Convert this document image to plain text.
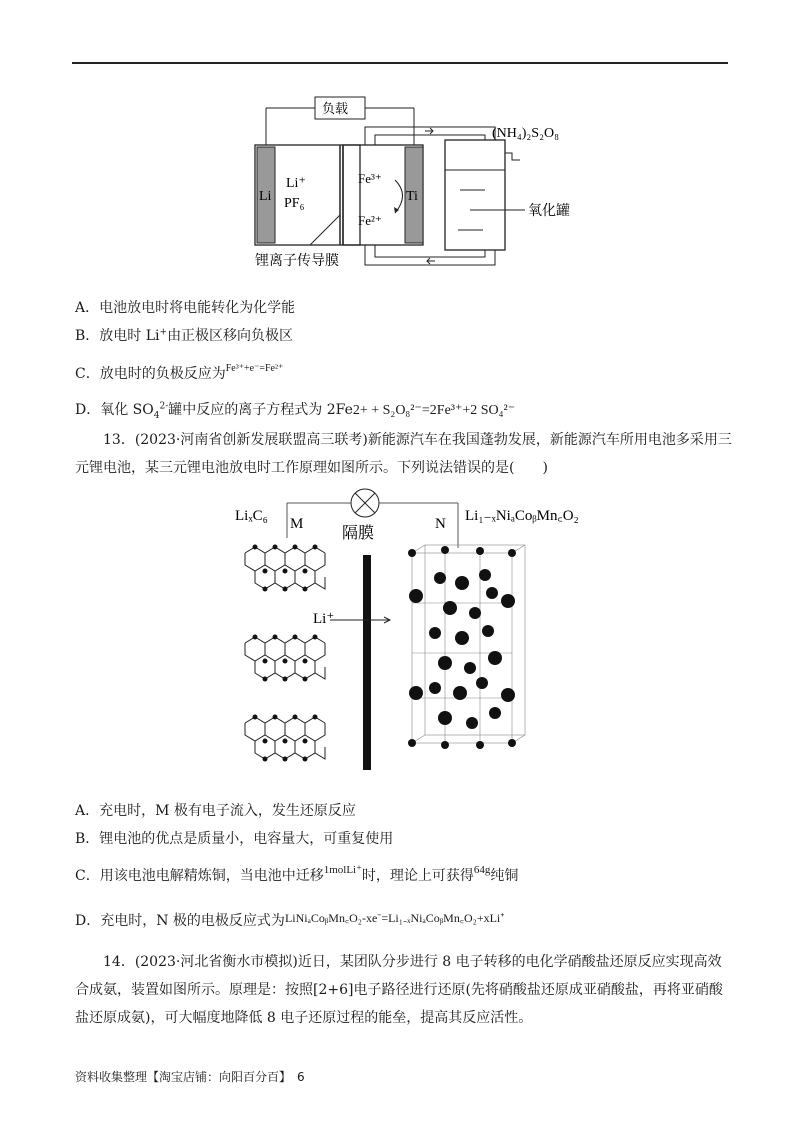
Li
Li⁺
PF₆	Ti
Fe³⁺
Fe²⁺
负载
(NH₄)₂S₂O₈
氧化罐
锂离子传导膜
A．电池放电时将电能转化为化学能
B．放电时 Li+由正极区移向负极区
C．放电时的负极反应为$^{Fe^{3+}+e^-=Fe^{2+}}$
D．氧化 $SO_4^{2-}$罐中反应的离子方程式为 2Fe2+ + S₂O₈²⁻=2Fe³⁺+2 SO₄²⁻
13．(2023·河南省创新发展联盟高三联考)新能源汽车在我国蓬勃发展，新能源汽车所用电池多采用三元锂电池，某三元锂电池放电时工作原理如图所示。下列说法错误的是(　　)
LiₓC₆ M
隔膜
N Li₁₋ₓNiₐCoᵦMn꜀O₂
Li⁺
A．充电时，M 极有电子流入，发生还原反应
B．锂电池的优点是质量小，电容量大，可重复使用
C．用该电池电解精炼铜，当电池中迁移$^{1molLi^+}$时，理论上可获得$^{64g}$纯铜
D．充电时，N 极的电极反应式为LiNiₐCoᵦMn꜀O₂-xe⁻=Li₁₋ₓNiₐCoᵦMn꜀O₂+xLi⁺
14．(2023·河北省衡水市模拟)近日，某团队分步进行 8 电子转移的电化学硝酸盐还原反应实现高效合成氨，装置如图所示。原理是：按照[2+6]电子路径进行还原(先将硝酸盐还原成亚硝酸盐，再将亚硝酸盐还原成氨)，可大幅度地降低 8 电子还原过程的能垒，提高其反应活性。
资料收集整理【淘宝店铺：向阳百分百】　6
